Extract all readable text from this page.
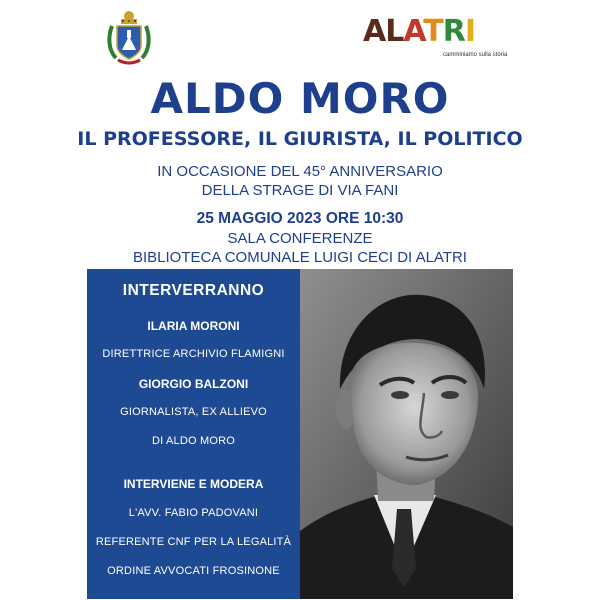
ALATRI
camminiamo sulla storia
ALDO MORO
IL PROFESSORE, IL GIURISTA, IL POLITICO
IN OCCASIONE DEL 45° ANNIVERSARIO
DELLA STRAGE DI VIA FANI
25 MAGGIO 2023 ORE 10:30
SALA CONFERENZE
BIBLIOTECA COMUNALE LUIGI CECI DI ALATRI
INTERVERRANNO
ILARIA MORONI
DIRETTRICE ARCHIVIO FLAMIGNI
GIORGIO BALZONI
GIORNALISTA, EX ALLIEVO
DI ALDO MORO
INTERVIENE E MODERA
L'AVV. FABIO PADOVANI
REFERENTE CNF PER LA LEGALITÀ
ORDINE AVVOCATI FROSINONE
